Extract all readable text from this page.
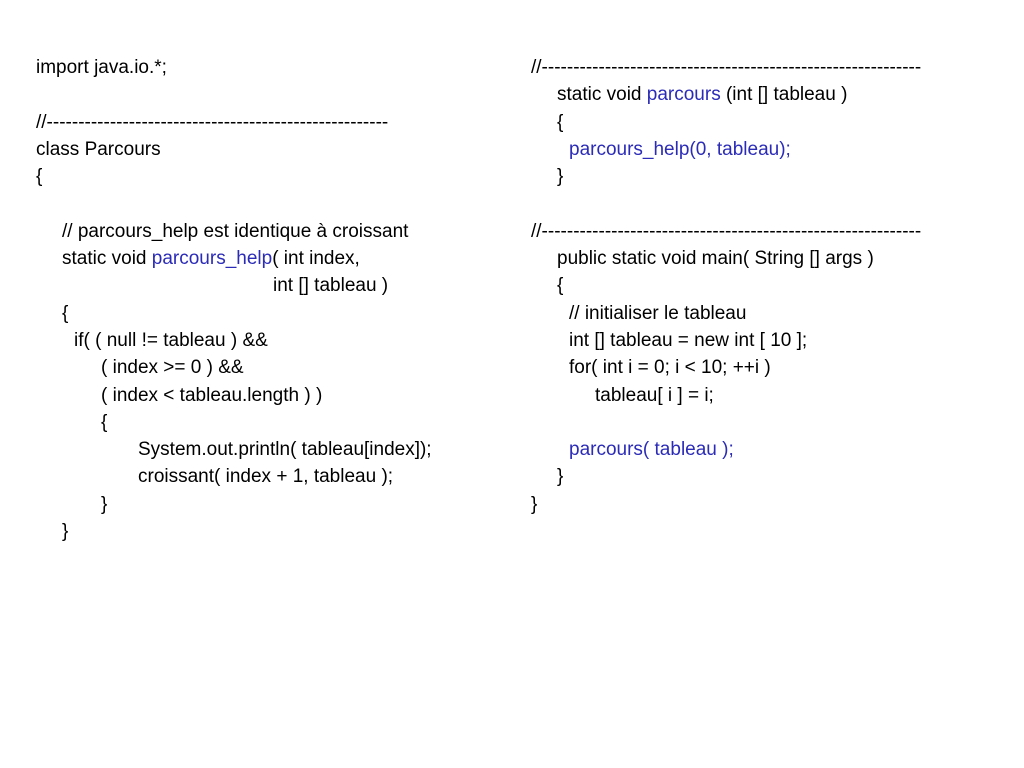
import java.io.*;
//------------------------------------------------------
class Parcours
{
// parcours_help est identique à croissant
static void parcours_help( int index,
int [] tableau )
{
if( ( null != tableau ) &&
( index >= 0 ) &&
( index < tableau.length ) )
{
System.out.println( tableau[index]);
croissant( index + 1, tableau );
}
}
//------------------------------------------------------------
static void parcours (int [] tableau )
{
parcours_help(0, tableau);
}
//------------------------------------------------------------
public static void main( String [] args )
{
// initialiser le tableau
int [] tableau = new int [ 10 ];
for( int i = 0; i < 10; ++i )
tableau[ i ] = i;
parcours( tableau );
}
}
